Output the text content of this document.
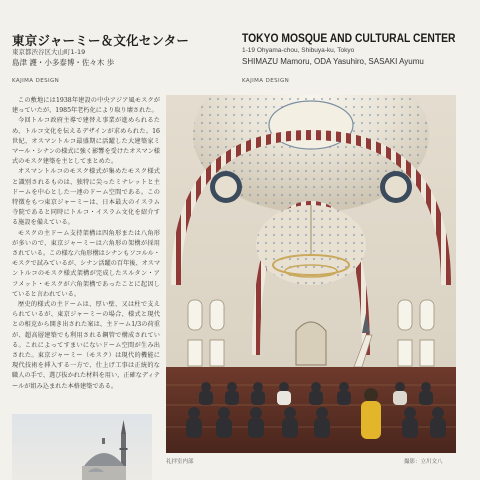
東京ジャーミー＆文化センター
東京都渋谷区大山町1-19
島津 護・小多泰博・佐々木 歩
KAJIMA DESIGN
TOKYO MOSQUE AND CULTURAL CENTER
1-19 Ohyama-chou, Shibuya-ku, Tokyo
SHIMAZU Mamoru, ODA Yasuhiro, SASAKI Ayumu
KAJIMA DESIGN

この敷地には1938年建設の中央アジア風モスクが建っていたが、1985年老朽化により取り壊された。

今回トルコ政府主導で建替え事業が進められるため、トルコ文化を伝えるデザインが求められた。16世紀、オスマントルコ最盛期に活躍した大建築家ミマール・シナンの様式に強く影響を受けたオスマン様式のモスク建築を主としてまとめた。

オスマントルコのモスク様式が集めたモスク様式と識別されるものは、独特に尖ったミナレットと主ドームを中心とした一連のドーム空間である。この特徴をもつ東京ジャーミーは、日本最大のイスラム寺院であると同時にトルコ・イスラム文化を紹介する施設を備えている。

モスクの主ドーム支持架構は四角形または八角形が多いので、東京ジャーミーは六角形の架構が採用されている。この様な六角形構はシナンもソコルル・モスクで試みているが、シナン活躍の百年後、オスマントルコのモスク様式架構が完成したスルタン・アフメット・モスクが六角架構であったことに起因していると言われている。

歴史的様式の主ドームは、厚い壁、又は柱で支えられているが、東京ジャーミーの場合、様式と現代との相克から開き出された案は、主ドーム1/3の荷重が、超高層建築でも利用される鋼管で構成されている。これによってすまいにないドーム空間が生み出された。東京ジャーミー（モスク）は現代的機能に現代技術を挿入する一方で、仕上げ工事は正統的な職人の手で、選び抜かれた材料を用い、正確なディテールが組み込まれた本格建築である。

礼拝室内部	撮影：立川文八
